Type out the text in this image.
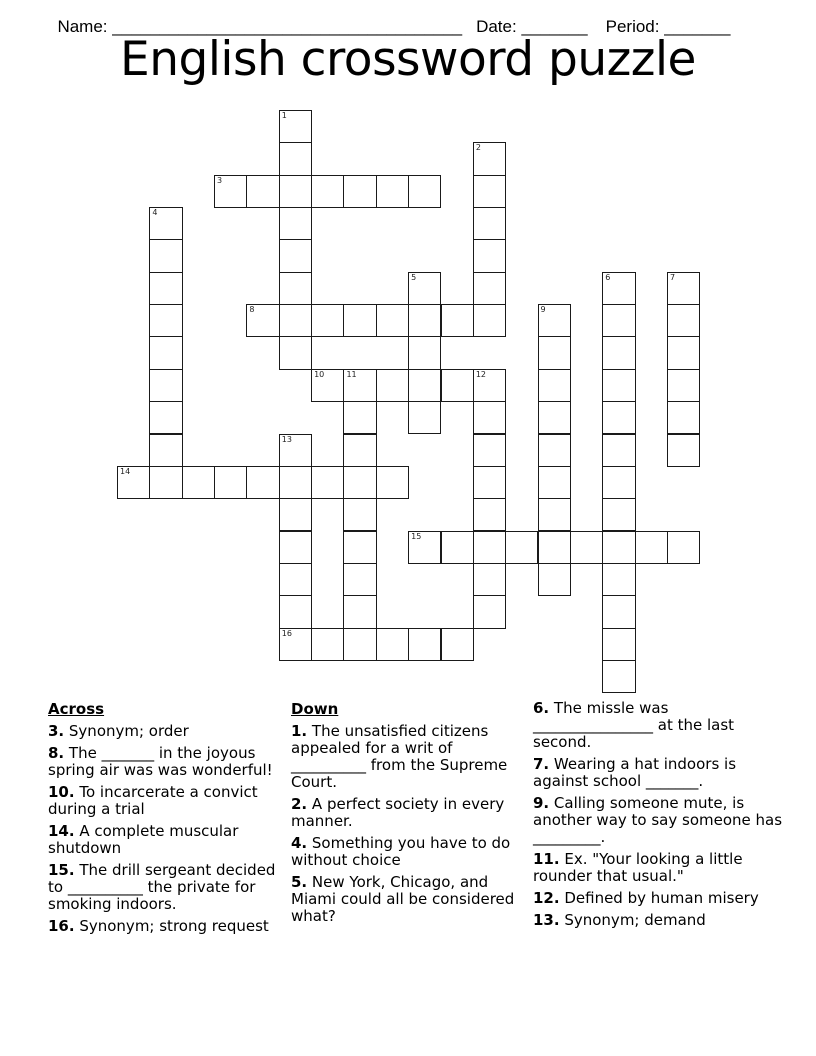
Name: _____________________________________ Date: _______ Period: _______

English crossword puzzle
1
2
3
4
5	6	7
8	9
10	11	12
13
16
14
15
Across
3. Synonym; order
8. The _______ in the joyous spring air was was wonderful!
10. To incarcerate a convict during a trial
14. A complete muscular shutdown
15. The drill sergeant decided to __________ the private for smoking indoors.
16. Synonym; strong request
Down
1. The unsatisfied citizens appealed for a writ of __________ from the Supreme Court.
2. A perfect society in every manner.
4. Something you have to do without choice
5. New York, Chicago, and Miami could all be considered what?
6. The missle was ________________ at the last second.
7. Wearing a hat indoors is against school _______.
9. Calling someone mute, is another way to say someone has _________.
11. Ex. "Your looking a little rounder that usual."
12. Defined by human misery
13. Synonym; demand
